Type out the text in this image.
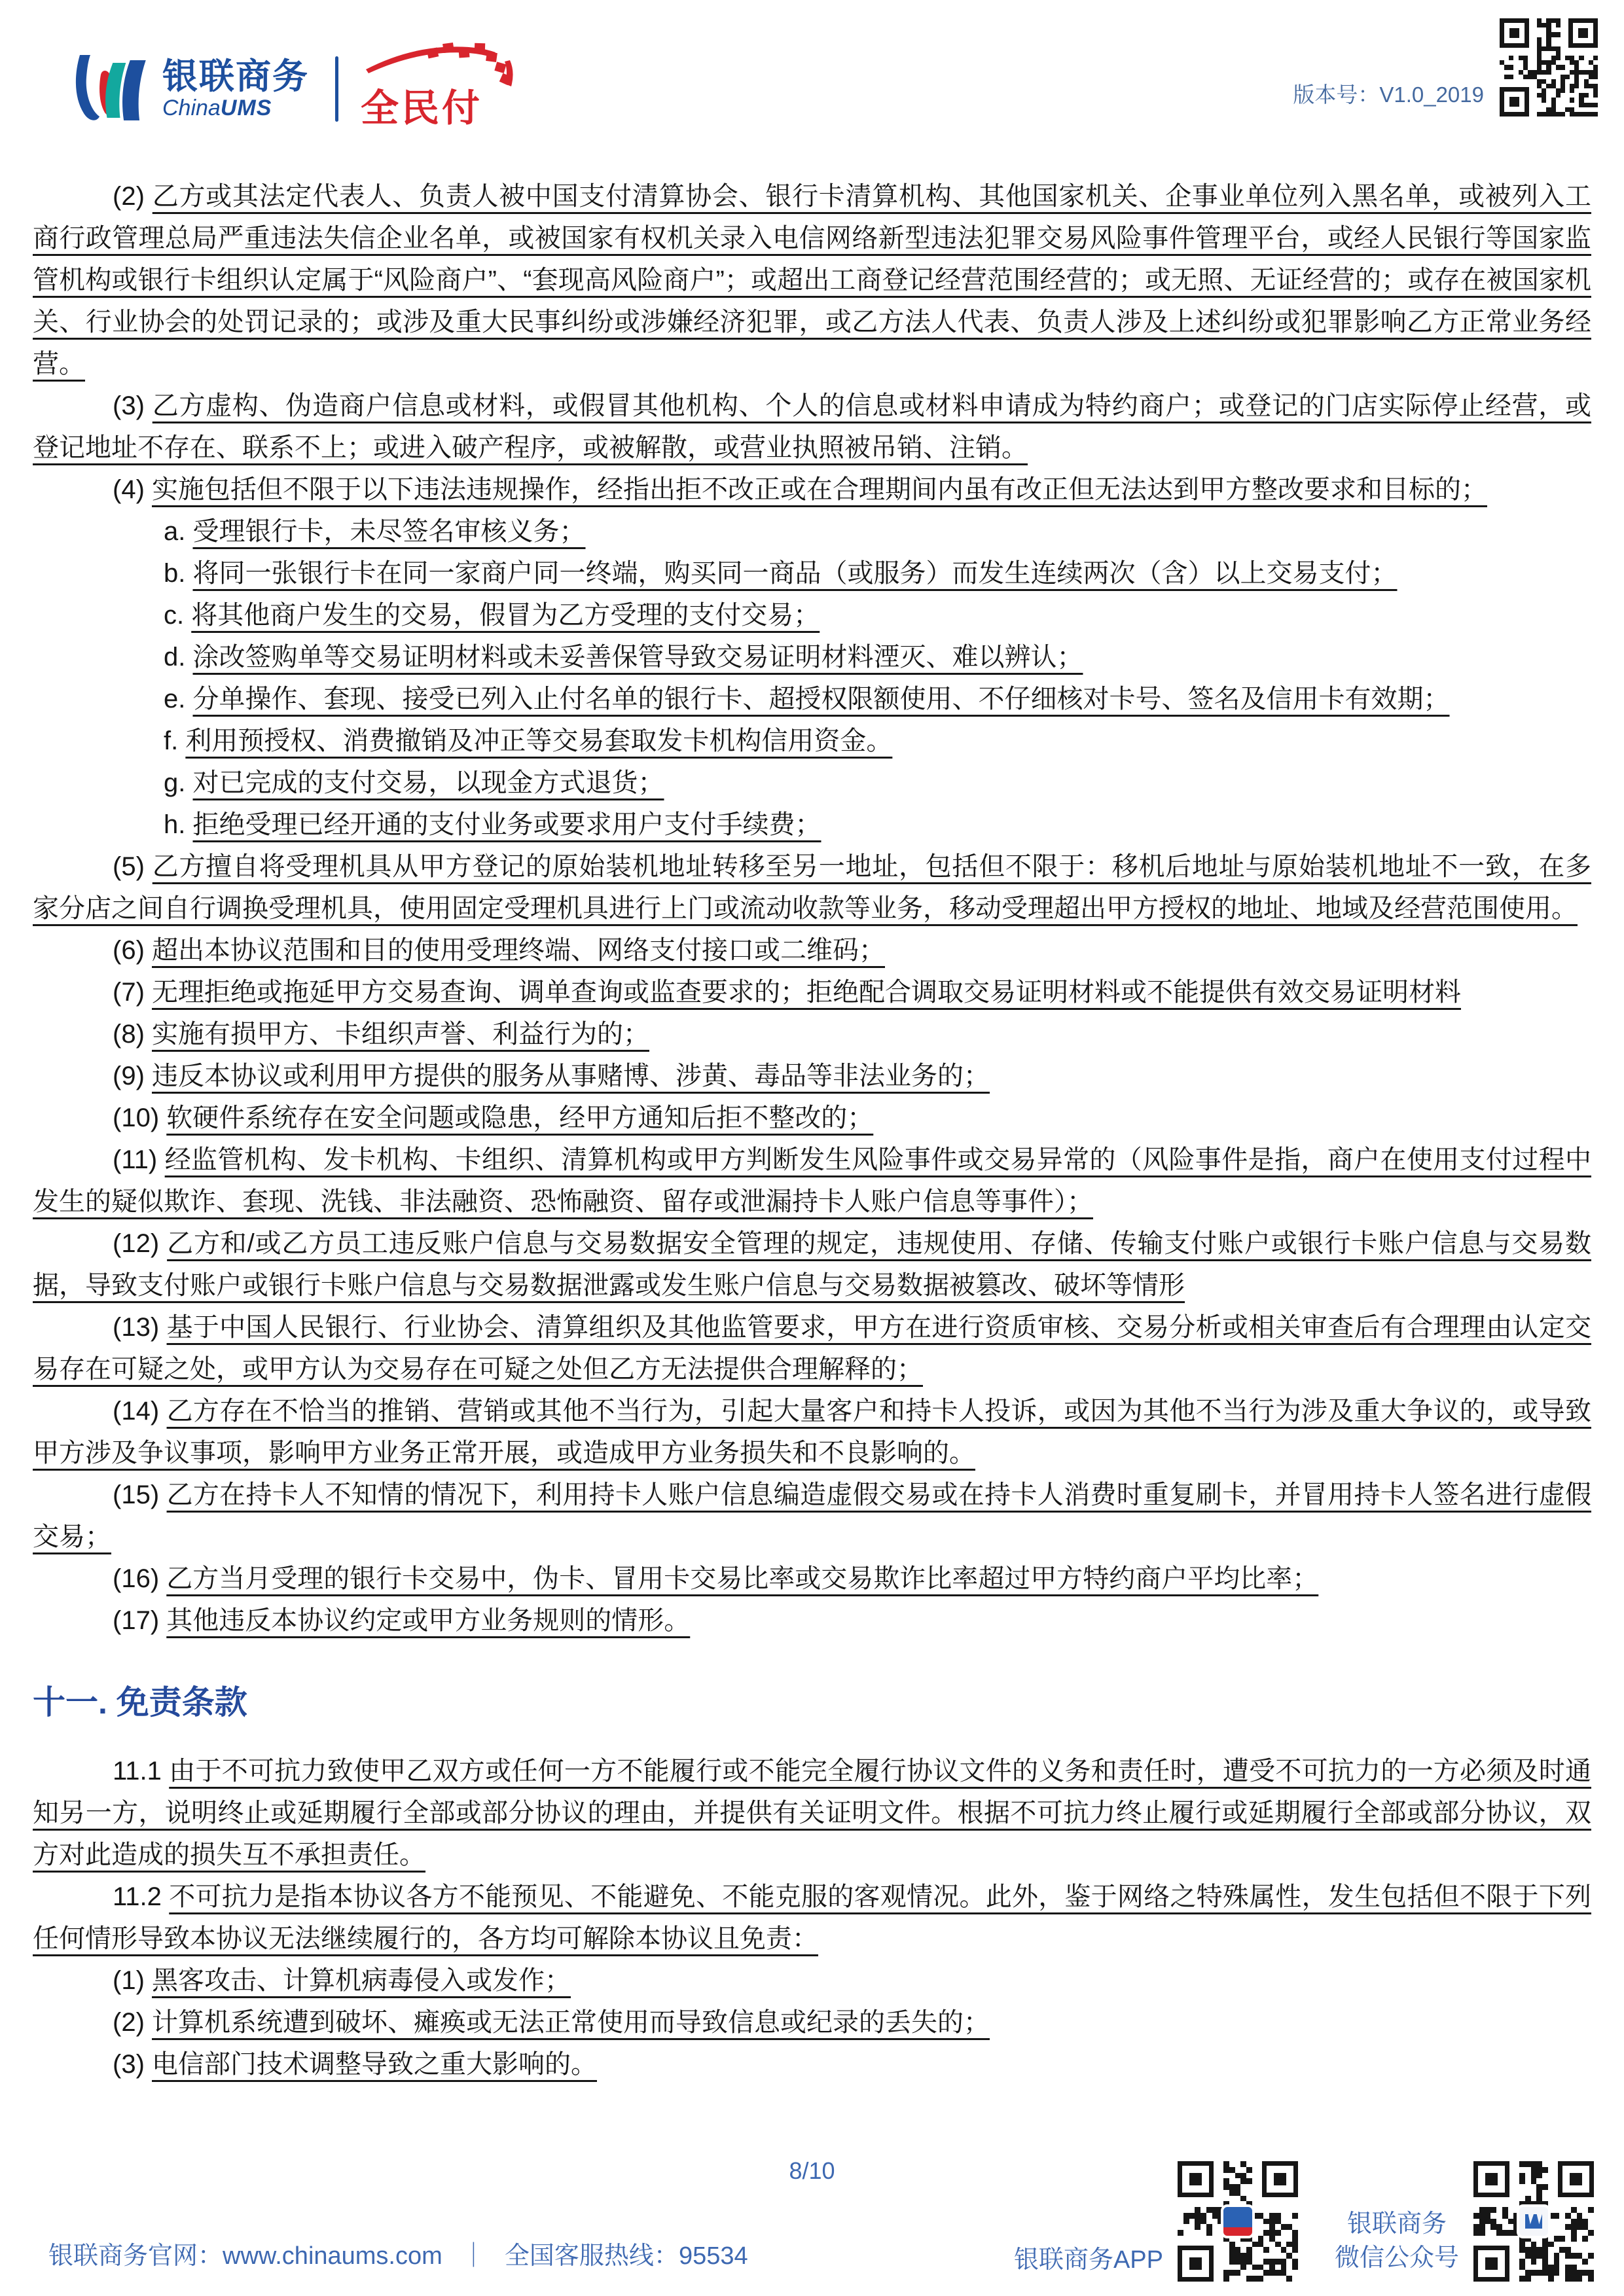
银联商务
ChinaUMS	全民付	版本号：V1.0_2019

(2) 乙方或其法定代表人、负责人被中国支付清算协会、银行卡清算机构、其他国家机关、企事业单位列入黑名单，或被列入工商行政管理总局严重违法失信企业名单，或被国家有权机关录入电信网络新型违法犯罪交易风险事件管理平台，或经人民银行等国家监管机构或银行卡组织认定属于“风险商户”、“套现高风险商户”；或超出工商登记经营范围经营的；或无照、无证经营的；或存在被国家机关、行业协会的处罚记录的；或涉及重大民事纠纷或涉嫌经济犯罪，或乙方法人代表、负责人涉及上述纠纷或犯罪影响乙方正常业务经营。

(3) 乙方虚构、伪造商户信息或材料，或假冒其他机构、个人的信息或材料申请成为特约商户；或登记的门店实际停止经营，或登记地址不存在、联系不上；或进入破产程序，或被解散，或营业执照被吊销、注销。

(4) 实施包括但不限于以下违法违规操作，经指出拒不改正或在合理期间内虽有改正但无法达到甲方整改要求和目标的；

a. 受理银行卡，未尽签名审核义务；

b. 将同一张银行卡在同一家商户同一终端，购买同一商品（或服务）而发生连续两次（含）以上交易支付；

c. 将其他商户发生的交易，假冒为乙方受理的支付交易；

d. 涂改签购单等交易证明材料或未妥善保管导致交易证明材料湮灭、难以辨认；

e. 分单操作、套现、接受已列入止付名单的银行卡、超授权限额使用、不仔细核对卡号、签名及信用卡有效期；

f. 利用预授权、消费撤销及冲正等交易套取发卡机构信用资金。

g. 对已完成的支付交易，以现金方式退货；

h. 拒绝受理已经开通的支付业务或要求用户支付手续费；

(5) 乙方擅自将受理机具从甲方登记的原始装机地址转移至另一地址，包括但不限于：移机后地址与原始装机地址不一致，在多家分店之间自行调换受理机具，使用固定受理机具进行上门或流动收款等业务，移动受理超出甲方授权的地址、地域及经营范围使用。

(6) 超出本协议范围和目的使用受理终端、网络支付接口或二维码；

(7) 无理拒绝或拖延甲方交易查询、调单查询或监查要求的；拒绝配合调取交易证明材料或不能提供有效交易证明材料

(8) 实施有损甲方、卡组织声誉、利益行为的；

(9) 违反本协议或利用甲方提供的服务从事赌博、涉黄、毒品等非法业务的；

(10) 软硬件系统存在安全问题或隐患，经甲方通知后拒不整改的；

(11) 经监管机构、发卡机构、卡组织、清算机构或甲方判断发生风险事件或交易异常的（风险事件是指，商户在使用支付过程中发生的疑似欺诈、套现、洗钱、非法融资、恐怖融资、留存或泄漏持卡人账户信息等事件）；

(12) 乙方和/或乙方员工违反账户信息与交易数据安全管理的规定，违规使用、存储、传输支付账户或银行卡账户信息与交易数据，导致支付账户或银行卡账户信息与交易数据泄露或发生账户信息与交易数据被篡改、破坏等情形

(13) 基于中国人民银行、行业协会、清算组织及其他监管要求，甲方在进行资质审核、交易分析或相关审查后有合理理由认定交易存在可疑之处，或甲方认为交易存在可疑之处但乙方无法提供合理解释的；

(14) 乙方存在不恰当的推销、营销或其他不当行为，引起大量客户和持卡人投诉，或因为其他不当行为涉及重大争议的，或导致甲方涉及争议事项，影响甲方业务正常开展，或造成甲方业务损失和不良影响的。

(15) 乙方在持卡人不知情的情况下，利用持卡人账户信息编造虚假交易或在持卡人消费时重复刷卡，并冒用持卡人签名进行虚假交易；

(16) 乙方当月受理的银行卡交易中，伪卡、冒用卡交易比率或交易欺诈比率超过甲方特约商户平均比率；

(17) 其他违反本协议约定或甲方业务规则的情形。

十一. 免责条款

11.1 由于不可抗力致使甲乙双方或任何一方不能履行或不能完全履行协议文件的义务和责任时，遭受不可抗力的一方必须及时通知另一方，说明终止或延期履行全部或部分协议的理由，并提供有关证明文件。根据不可抗力终止履行或延期履行全部或部分协议，双方对此造成的损失互不承担责任。

11.2 不可抗力是指本协议各方不能预见、不能避免、不能克服的客观情况。此外，鉴于网络之特殊属性，发生包括但不限于下列任何情形导致本协议无法继续履行的，各方均可解除本协议且免责：

(1) 黑客攻击、计算机病毒侵入或发作；

(2) 计算机系统遭到破坏、瘫痪或无法正常使用而导致信息或纪录的丢失的；

(3) 电信部门技术调整导致之重大影响的。

8/10
银联商务官网：www.chinaums.com ｜ 全国客服热线：95534	银联商务APP
银联商务
微信公众号
